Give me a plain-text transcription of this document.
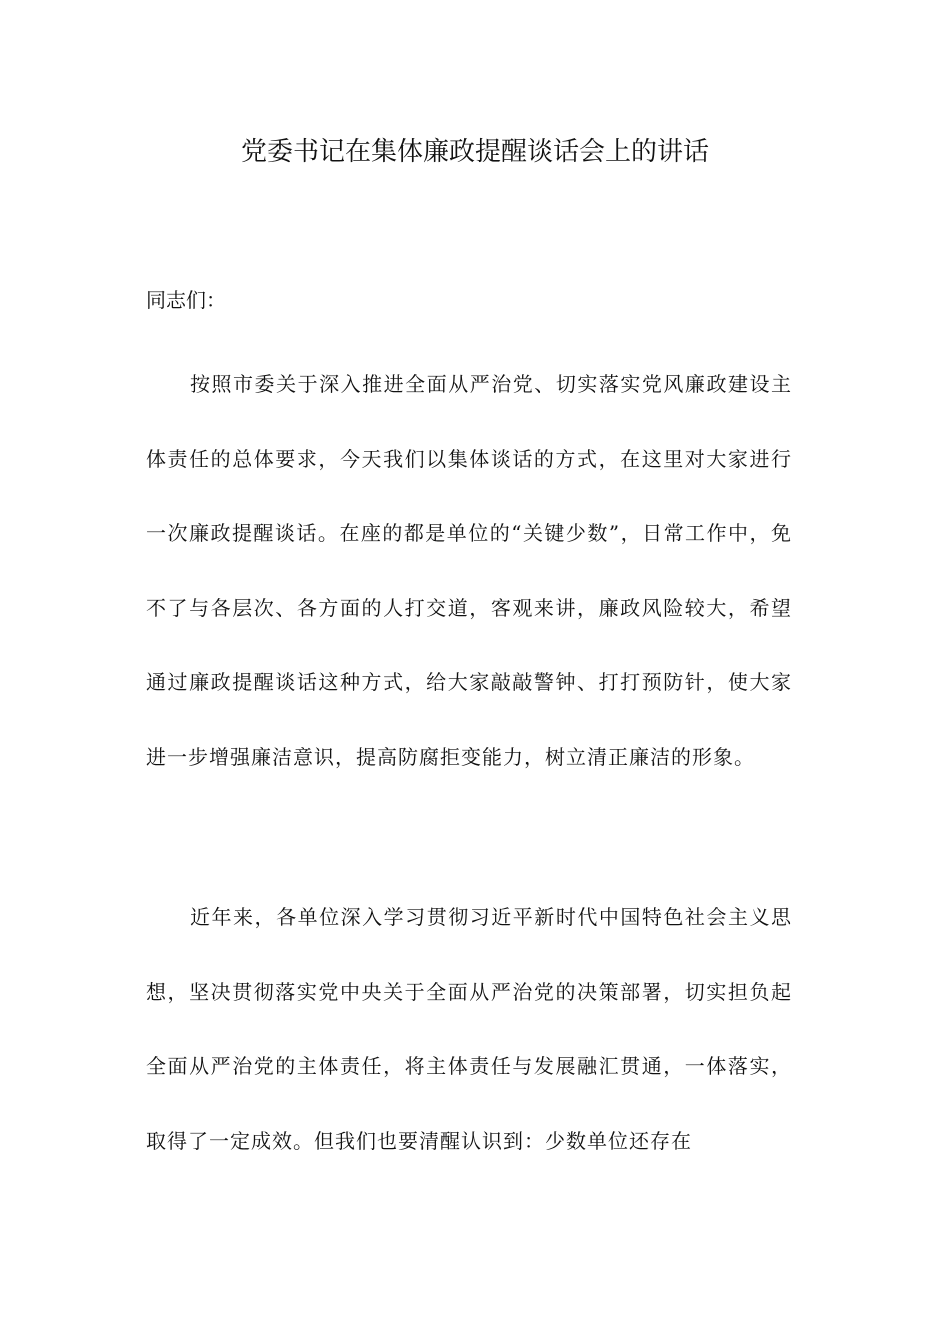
党委书记在集体廉政提醒谈话会上的讲话
同志们：

按照市委关于深入推进全面从严治党、切实落实党风廉政建设主体责任的总体要求，今天我们以集体谈话的方式，在这里对大家进行一次廉政提醒谈话。在座的都是单位的“关键少数”，日常工作中，免不了与各层次、各方面的人打交道，客观来讲，廉政风险较大，希望通过廉政提醒谈话这种方式，给大家敲敲警钟、打打预防针，使大家进一步增强廉洁意识，提高防腐拒变能力，树立清正廉洁的形象。

近年来，各单位深入学习贯彻习近平新时代中国特色社会主义思想，坚决贯彻落实党中央关于全面从严治党的决策部署，切实担负起全面从严治党的主体责任，将主体责任与发展融汇贯通，一体落实，取得了一定成效。但我们也要清醒认识到：少数单位还存在
